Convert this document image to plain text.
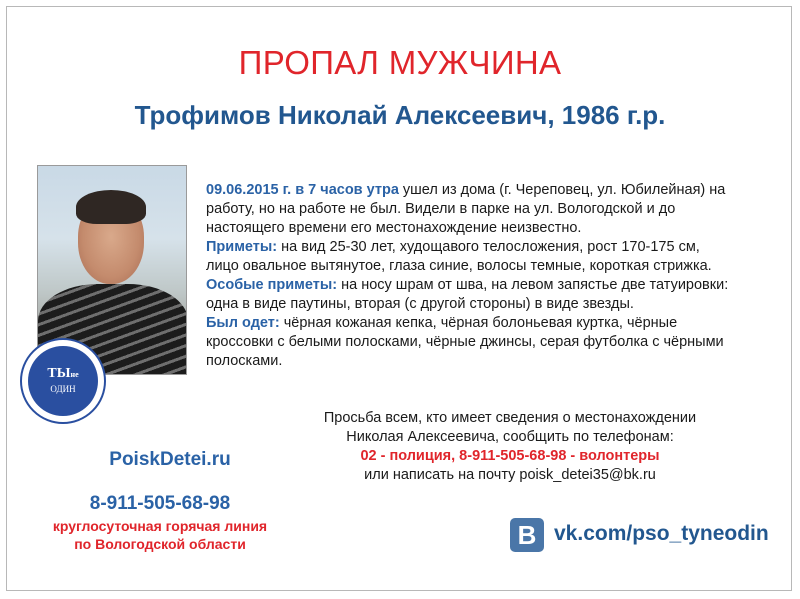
ПРОПАЛ МУЖЧИНА
Трофимов Николай Алексеевич, 1986 г.р.
ТЫне
ОДИН
09.06.2015 г. в 7 часов утра ушел из дома (г. Череповец, ул. Юбилейная) на
работу, но на работе не был. Видели в парке на ул. Вологодской и до
настоящего времени его местонахождение неизвестно.
Приметы: на вид 25-30 лет, худощавого телосложения, рост 170-175 см,
лицо овальное вытянутое, глаза синие, волосы темные, короткая стрижка.
Особые приметы: на носу шрам от шва, на левом запястье две татуировки:
одна в виде паутины, вторая (с другой стороны) в виде звезды.
Был одет: чёрная кожаная кепка, чёрная болоньевая куртка, чёрные
кроссовки с белыми полосками, чёрные джинсы, серая футболка с чёрными
полосками.
Просьба всем, кто имеет сведения о местонахождении
Николая Алексеевича, сообщить по телефонам:
02 - полиция, 8-911-505-68-98 - волонтеры
или написать на почту poisk_detei35@bk.ru
PoiskDetei.ru
8-911-505-68-98
круглосуточная горячая линия
по Вологодской области	B vk.com/pso_tyneodin
